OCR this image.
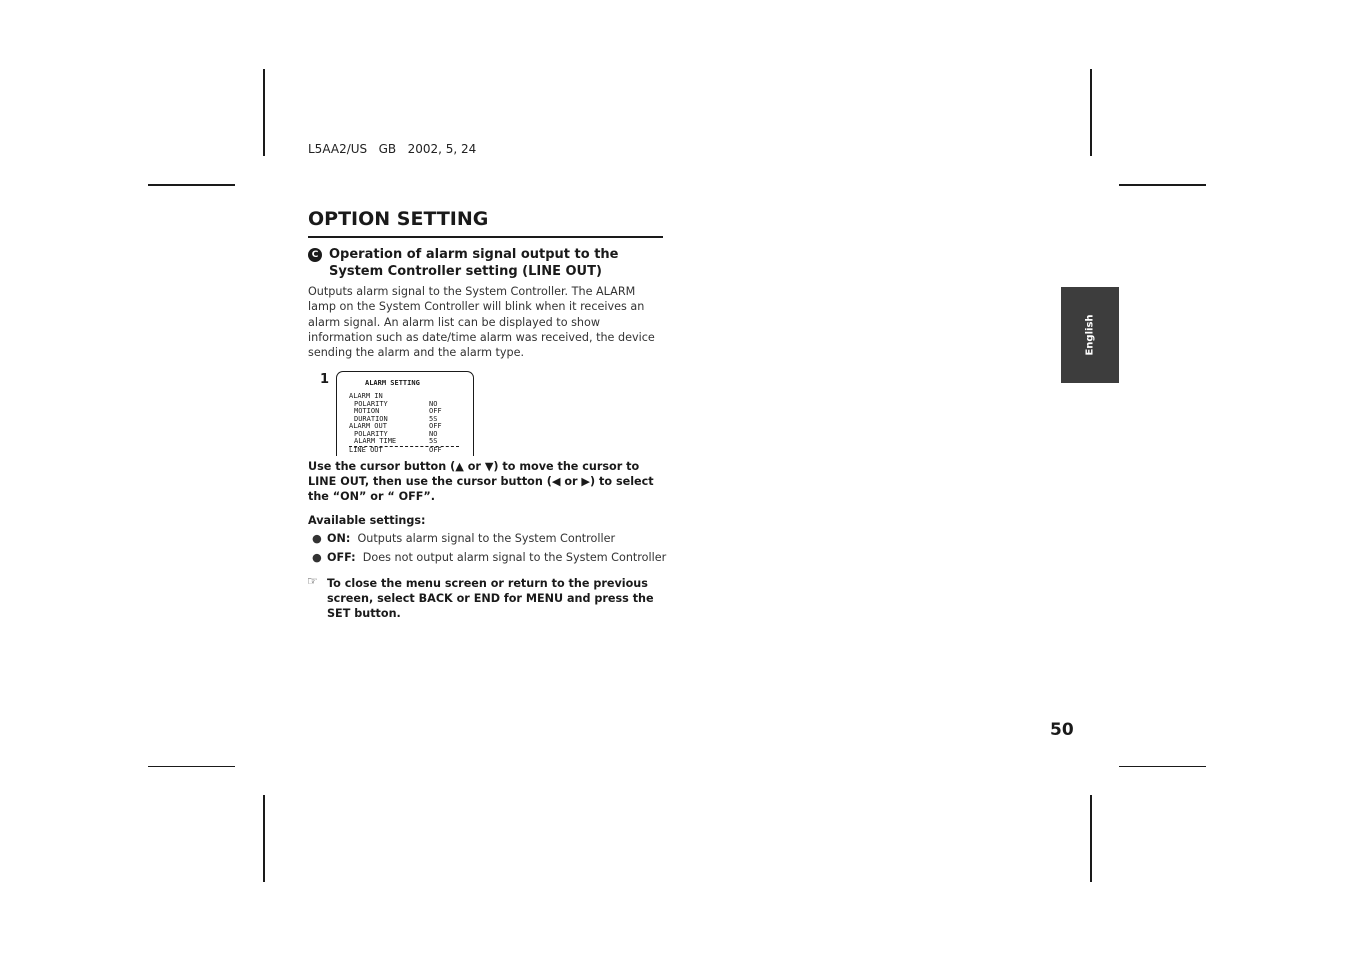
L5AA2/US   GB   2002, 5, 24
OPTION SETTING
C Operation of alarm signal output to the System Controller setting (LINE OUT)

Outputs alarm signal to the System Controller. The ALARM lamp on the System Controller will blink when it receives an alarm signal. An alarm list can be displayed to show information such as date/time alarm was received, the device sending the alarm and the alarm type.

1	ALARM SETTING
ALARM IN
POLARITY	NO
MOTION	OFF
DURATION	5S
ALARM OUT	OFF
POLARITY	NO
ALARM TIME	5S
LINE OUT	OFF

Use the cursor button (▲ or ▼) to move the cursor to LINE OUT, then use the cursor button (◀ or ▶) to select the “ON” or “ OFF”.

Available settings:
● ON: Outputs alarm signal to the System Controller
● OFF: Does not output alarm signal to the System Controller
☞ To close the menu screen or return to the previous screen, select BACK or END for MENU and press the SET button.

English
50
